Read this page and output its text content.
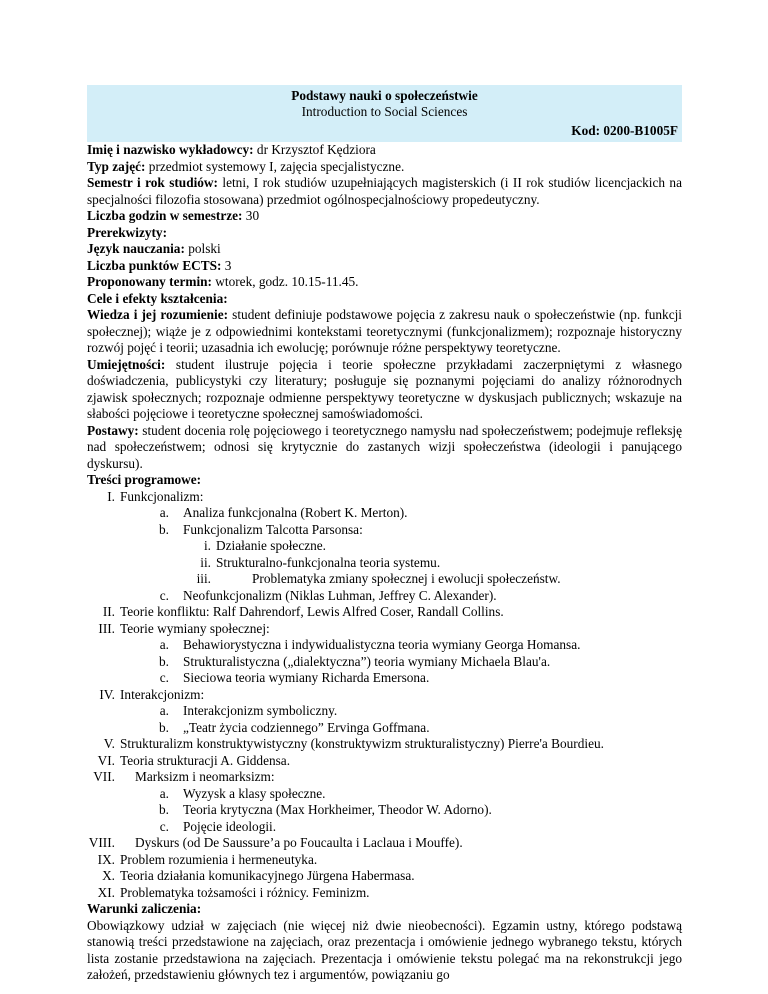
Podstawy nauki o społeczeństwie
Introduction to Social Sciences
Kod: 0200-B1005F

Imię i nazwisko wykładowcy: dr Krzysztof Kędziora

Typ zajęć: przedmiot systemowy I, zajęcia specjalistyczne.

Semestr i rok studiów: letni, I rok studiów uzupełniających magisterskich (i II rok studiów licencjackich na specjalności filozofia stosowana) przedmiot ogólnospecjalnościowy propedeutyczny.

Liczba godzin w semestrze: 30

Prerekwizyty:

Język nauczania: polski

Liczba punktów ECTS: 3

Proponowany termin: wtorek, godz. 10.15-11.45.

Cele i efekty kształcenia:

Wiedza i jej rozumienie: student definiuje podstawowe pojęcia z zakresu nauk o społeczeństwie (np. funkcji społecznej); wiąże je z odpowiednimi kontekstami teoretycznymi (funkcjonalizmem); rozpoznaje historyczny rozwój pojęć i teorii; uzasadnia ich ewolucję; porównuje różne perspektywy teoretyczne.

Umiejętności: student ilustruje pojęcia i teorie społeczne przykładami zaczerpniętymi z własnego doświadczenia, publicystyki czy literatury; posługuje się poznanymi pojęciami do analizy różnorodnych zjawisk społecznych; rozpoznaje odmienne perspektywy teoretyczne w dyskusjach publicznych; wskazuje na słabości pojęciowe i teoretyczne społecznej samoświadomości.

Postawy: student docenia rolę pojęciowego i teoretycznego namysłu nad społeczeństwem; podejmuje refleksję nad społeczeństwem; odnosi się krytycznie do zastanych wizji społeczeństwa (ideologii i panującego dyskursu).

Treści programowe:

I. Funkcjonalizm:
a. Analiza funkcjonalna (Robert K. Merton).
b. Funkcjonalizm Talcotta Parsonsa:
i. Działanie społeczne.
ii. Strukturalno-funkcjonalna teoria systemu.
iii.	Problematyka zmiany społecznej i ewolucji społeczeństw.
c. Neofunkcjonalizm (Niklas Luhman, Jeffrey C. Alexander).
II. Teorie konfliktu: Ralf Dahrendorf, Lewis Alfred Coser, Randall Collins.
III. Teorie wymiany społecznej:
a. Behawiorystyczna i indywidualistyczna teoria wymiany Georga Homansa.
b. Strukturalistyczna („dialektyczna”) teoria wymiany Michaela Blau'a.
c. Sieciowa teoria wymiany Richarda Emersona.
IV. Interakcjonizm:
a. Interakcjonizm symboliczny.
b. „Teatr życia codziennego” Ervinga Goffmana.
V. Strukturalizm konstruktywistyczny (konstruktywizm strukturalistyczny) Pierre'a Bourdieu.
VI. Teoria strukturacji A. Giddensa.
VII. Marksizm i neomarksizm:
a. Wyzysk a klasy społeczne.
b. Teoria krytyczna (Max Horkheimer, Theodor W. Adorno).
c. Pojęcie ideologii.
VIII. Dyskurs (od De Saussure’a po Foucaulta i Laclaua i Mouffe).
IX. Problem rozumienia i hermeneutyka.
X. Teoria działania komunikacyjnego Jürgena Habermasa.
XI. Problematyka tożsamości i różnicy. Feminizm.

Warunki zaliczenia:

Obowiązkowy udział w zajęciach (nie więcej niż dwie nieobecności). Egzamin ustny, którego podstawą stanowią treści przedstawione na zajęciach, oraz prezentacja i omówienie jednego wybranego tekstu, których lista zostanie przedstawiona na zajęciach. Prezentacja i omówienie tekstu polegać ma na rekonstrukcji jego założeń, przedstawieniu głównych tez i argumentów, powiązaniu go
